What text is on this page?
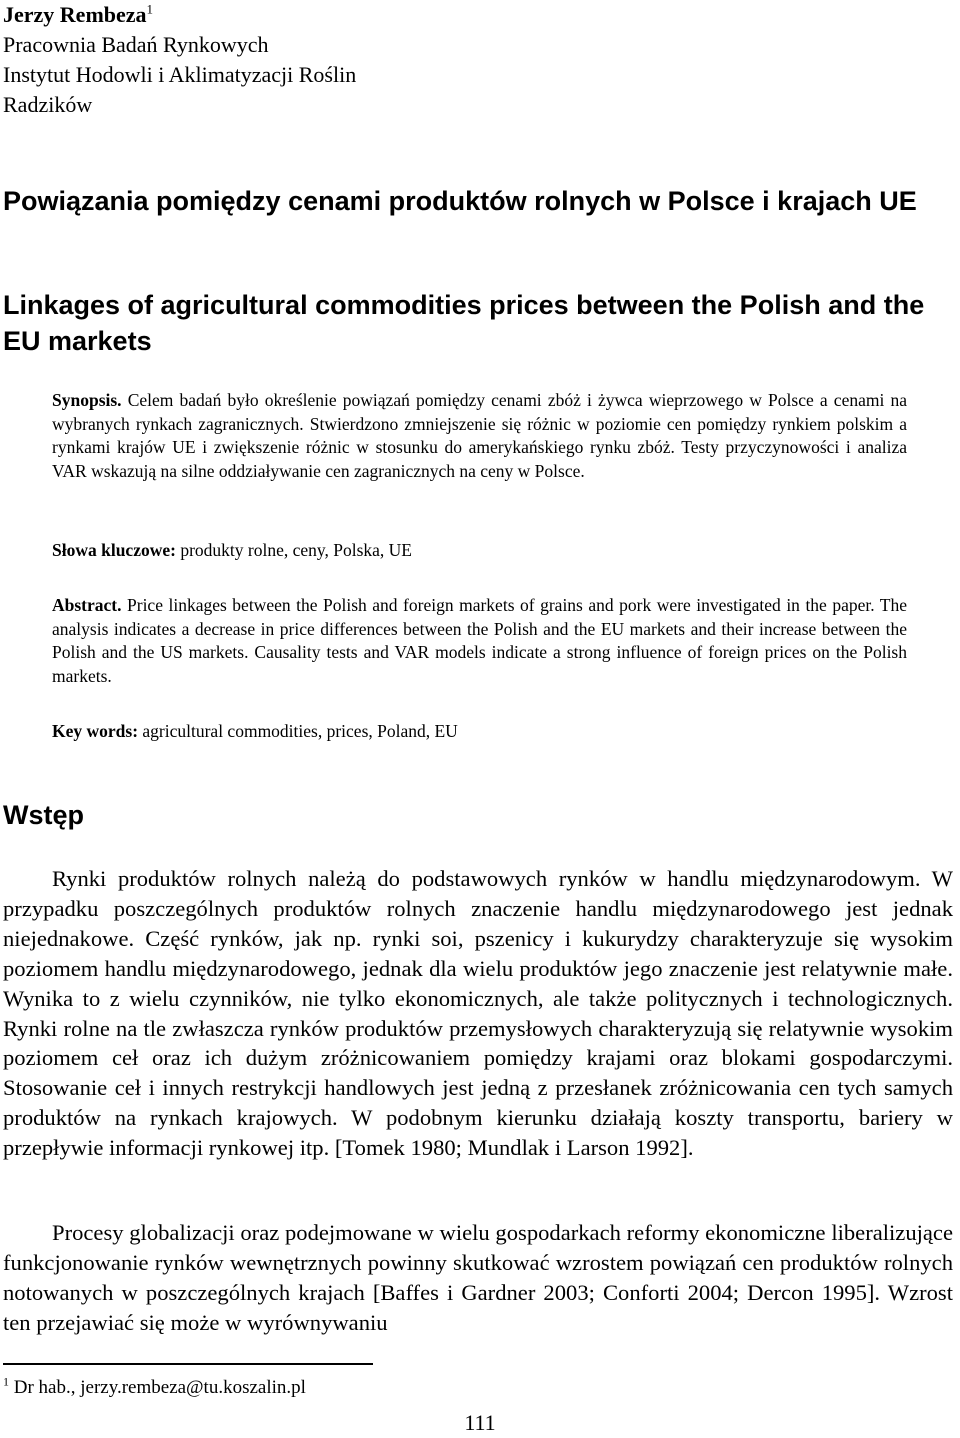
Jerzy Rembeza$^1$
Pracownia Badań Rynkowych
Instytut Hodowli i Aklimatyzacji Roślin
Radzików
Powiązania pomiędzy cenami produktów rolnych w Polsce i krajach UE
Linkages of agricultural commodities prices between the Polish and the EU markets
Synopsis. Celem badań było określenie powiązań pomiędzy cenami zbóż i żywca wieprzowego w Polsce a cenami na wybranych rynkach zagranicznych. Stwierdzono zmniejszenie się różnic w poziomie cen pomiędzy rynkiem polskim a rynkami krajów UE i zwiększenie różnic w stosunku do amerykańskiego rynku zbóż. Testy przyczynowości i analiza VAR wskazują na silne oddziaływanie cen zagranicznych na ceny w Polsce.
Słowa kluczowe: produkty rolne, ceny, Polska, UE
Abstract. Price linkages between the Polish and foreign markets of grains and pork were investigated in the paper. The analysis indicates a decrease in price differences between the Polish and the EU markets and their increase between the Polish and the US markets. Causality tests and VAR models indicate a strong influence of foreign prices on the Polish markets.
Key words: agricultural commodities, prices, Poland, EU
Wstęp
Rynki produktów rolnych należą do podstawowych rynków w handlu międzynarodowym. W przypadku poszczególnych produktów rolnych znaczenie handlu międzynarodowego jest jednak niejednakowe. Część rynków, jak np. rynki soi, pszenicy i kukurydzy charakteryzuje się wysokim poziomem handlu międzynarodowego, jednak dla wielu produktów jego znaczenie jest relatywnie małe. Wynika to z wielu czynników, nie tylko ekonomicznych, ale także politycznych i technologicznych. Rynki rolne na tle zwłaszcza rynków produktów przemysłowych charakteryzują się relatywnie wysokim poziomem ceł oraz ich dużym zróżnicowaniem pomiędzy krajami oraz blokami gospodarczymi. Stosowanie ceł i innych restrykcji handlowych jest jedną z przesłanek zróżnicowania cen tych samych produktów na rynkach krajowych. W podobnym kierunku działają koszty transportu, bariery w przepływie informacji rynkowej itp. [Tomek 1980; Mundlak i Larson 1992].
Procesy globalizacji oraz podejmowane w wielu gospodarkach reformy ekonomiczne liberalizujące funkcjonowanie rynków wewnętrznych powinny skutkować wzrostem powiązań cen produktów rolnych notowanych w poszczególnych krajach [Baffes i Gardner 2003; Conforti 2004; Dercon 1995]. Wzrost ten przejawiać się może w wyrównywaniu
$^1$ Dr hab., jerzy.rembeza@tu.koszalin.pl
111
